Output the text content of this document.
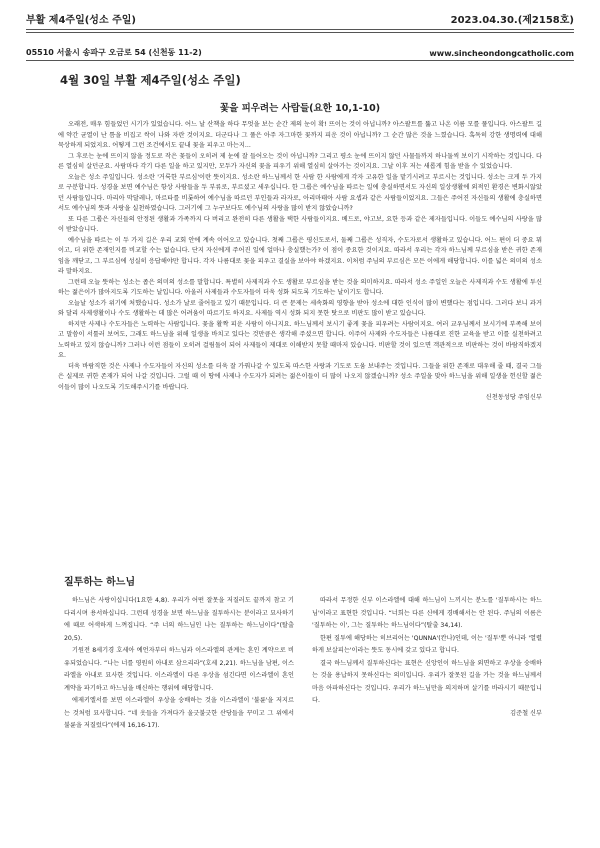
부활 제4주일(성소 주일)	2023.04.30.(제2158호)
05510 서울시 송파구 오금로 54 (신천동 11-2)	www.sincheondongcatholic.com
4월 30일 부활 제4주일(성소 주일)
꽃을 피우려는 사람들(요한 10,1-10)

오래전, 매우 힘들었던 시기가 있었습니다. 어느 날 산책을 하다 무엇을 보는 순간 제의 눈이 확! 뜨이는 것이 아닙니까? 아스팔트를 뚫고 나온 이름 모를 풀입니다. 아스팔트 길에 약간 균열이 난 틈을 비집고 싹이 나와 자란 것이지요. 더군다나 그 풀은 아주 자그마한 꽃까지 피운 것이 아닙니까? 그 순간 많은 것을 느꼈습니다. 혹독히 강한 생명력에 대해 묵상하게 되었지요. 어떻게 그런 조건에서도 끝내 꽃을 피우고 마는지...

그 후로는 눈에 뜨이지 않을 정도로 작은 꽃들이 오히려 제 눈에 잘 들어오는 것이 아닙니까? 그리고 평소 눈에 뜨이지 않던 사물들까지 하나둘씩 보이기 시작하는 것입니다. 다른 열심히 살던군요. 사람마다 각기 다른 일을 하고 있지만, 모두가 자신의 꽃을 피우기 위해 열심히 살아가는 것이지요. 그날 이후 저는 새롭게 힘을 받을 수 있었습니다.

오늘은 성소 주일입니다. 성소란 '거룩한 부르심'이란 뜻이지요. 성소란 하느님께서 한 사람 한 사람에게 각자 고유한 일을 맡기시려고 부르시는 것입니다. 성소는 크게 두 가지로 구분합니다. 성경을 보면 예수님은 항상 사람들을 두 부류로, 부르셨고 세우십니다. 한 그룹은 예수님을 따르는 일에 충실하면서도 자신의 일상생활에 외적인 환경은 변화시않았던 사람들입니다. 마리아 막달레나, 마르타를 비롯하여 예수님을 따르던 부인들과 라자로, 아리마태아 사람 요셉과 같은 사람들이었지요. 그들은 주어진 자신들의 생활에 충실하면서도 예수님의 뜻과 사랑을 실천하였습니다. 그러기에 그 누구보다도 예수님의 사랑을 많이 받지 않았습니까?

또 다른 그룹은 자신들의 안정된 생활과 가족까지 다 버리고 완전히 다른 생활을 택한 사람들이지요. 베드로, 야고보, 요한 등과 같은 제자들입니다. 이들도 예수님의 사랑을 많이 받았습니다.

예수님을 따르는 이 두 가지 길은 우리 교회 안에 계속 이어오고 있습니다. 첫째 그룹은 평신도로서, 둘째 그룹은 성직자, 수도자로서 생활하고 있습니다. 어느 편이 더 중요 뭐이고, 더 위한 존재인지를 비교할 수는 없습니다. 단지 자신에게 주어진 일에 얼마나 충실했는가? 이 점이 중요한 것이지요. 따라서 우리는 각자 하느님께 부르심을 받은 귀한 존재임을 깨닫고, 그 부르심에 성실히 응답해야만 합니다. 각자 나름대로 꽃을 피우고 결실을 보아야 하겠지요. 이처럼 주님의 부르심은 모든 이에게 해당합니다. 이를 넓은 의미의 성소라 말하지요.

그런데 오늘 뜻하는 성소는 좁은 의미의 성소를 말합니다. 특별히 사제직과 수도 생활로 부르심을 받는 것을 의미하지요. 따라서 성소 주일인 오늘은 사제직과 수도 생활에 투신하는 젊은이가 많아지도록 기도하는 날입니다. 아울러 사제들과 수도자들이 더욱 성화 되도록 기도하는 날이기도 합니다.

오늘날 성소가 위기에 처했습니다. 성소가 날로 줄어들고 있기 때문입니다. 더 큰 문제는 세속화의 영향을 받아 성소에 대한 인식이 많이 변했다는 점입니다. 그러다 보니 과거와 달리 사제생활이나 수도 생활하는 데 많은 어려움이 따르기도 하지요. 사제들 역시 성화 되지 못한 탓으로 비판도 많이 받고 있습니다.

하지만 사제나 수도자들은 노력하는 사람입니다. 꽃을 활짝 피운 사람이 아니지요. 하느님께서 보시기 좋게 꽃을 피우려는 사람이지요. 여러 교우님께서 보시기에 부족해 보이고 말씀이 서툴러 보여도, 그래도 하느님을 위해 일생을 바치고 있다는 것만큼은 생각해 주셨으면 합니다. 이주어 사제와 수도자들은 나름대로 진한 교육을 받고 이를 실천하려고 노력하고 있지 않습니까? 그러나 이런 점들이 오히려 걸림돌이 되어 사제들이 제대로 이해받지 못할 때마저 있습니다. 비판할 것이 있으면 객관적으로 비판하는 것이 바람직하겠지요.

더욱 바람직한 것은 사제나 수도자들이 자신의 성소를 더욱 잘 가꿔나갈 수 있도록 따스한 사랑과 기도로 도움 보내주는 것입니다. 그들을 위한 존재로 대우해 줄 때, 결국 그들은 실제로 귀한 존재가 되어 나갈 것입니다. 그럴 때 이 땅에 사제나 수도자가 되려는 젊은이들이 더 많이 나오지 않겠습니까? 성소 주일을 맞아 하느님을 위해 일생을 헌신할 젊은이들이 많이 나오도록 기도해주시기를 바랍니다.

신천동성당 주임신부
질투하는 하느님

하느님은 사랑이십니다(1요한 4,8). 우리가 어떤 잘못을 저질러도 끝까지 참고 기다리시며 용서하십니다. 그런데 성경을 보면 하느님을 질투하시는 분이라고 묘사하기에 때로 어색하게 느껴집니다. “주 너의 하느님인 나는 질투하는 하느님이다”(탈출 20,5).

기원전 8세기경 호세아 예언자부터 하느님과 이스라엘의 관계는 혼인 계약으로 비유되었습니다. “나는 너를 영원히 아내로 삼으리라”(호세 2,21). 하느님을 남편, 이스라엘을 아내로 묘사한 것입니다. 이스라엘이 다른 우상을 섬긴다면 이스라엘이 혼인 계약을 파기하고 하느님을 배신하는 행위에 해당합니다.

에제키엘서를 보면 이스라엘이 우상을 숭배하는 것을 이스라엘이 '불륜'을 저지르는 것처럼 묘사합니다. “네 옷들을 가져다가 울긋불긋한 산당들을 꾸미고 그 위에서 불륜을 저질렀다”(에제 16,16-17).

따라서 무정한 신부 이스라엘에 대해 하느님이 느끼시는 분노를 '질투하시는 하느님'이라고 표현한 것입니다. “너희는 다른 신에게 경배해서는 안 된다. 주님의 이름은 '질투하는 이', 그는 질투하는 하느님이다”(탈출 34,14).

한편 질투에 해당하는 히브리어는 'QUNNA'(칸나)인데, 이는 '질투'뿐 아니라 '열렬하게 보살피는'이라는 뜻도 동시에 갖고 있다고 합니다.

결국 하느님께서 질투하신다는 표현은 신앙인이 하느님을 외면하고 우상을 숭배하는 것을 용납하지 못하신다는 의미입니다. 우리가 잘못된 길을 가는 것을 하느님께서 마음 아파하신다는 것입니다. 우리가 하느님만을 의지하며 살기를 바라시기 때문입니다.

김준철 신부
